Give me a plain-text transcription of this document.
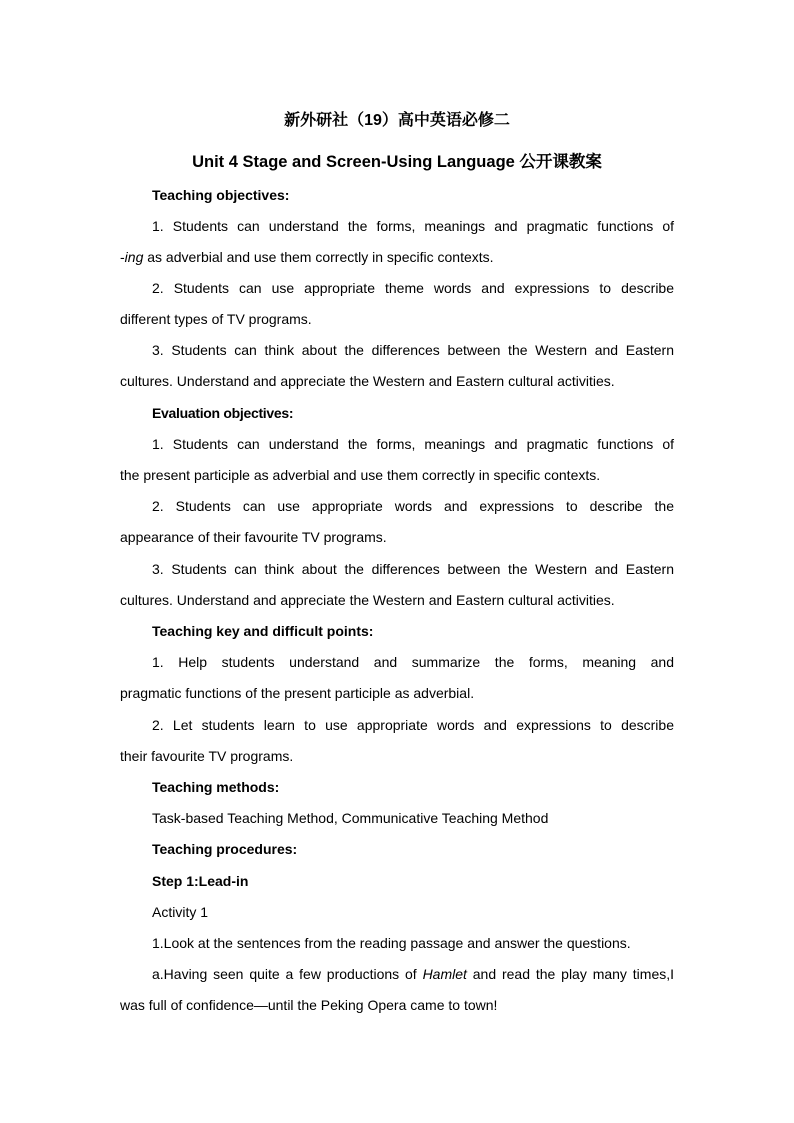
新外研社（19）高中英语必修二
Unit 4 Stage and Screen-Using Language 公开课教案
Teaching objectives:
1. Students can understand the forms, meanings and pragmatic functions of
-ing as adverbial and use them correctly in specific contexts.
2. Students can use appropriate theme words and expressions to describe
different types of TV programs.
3. Students can think about the differences between the Western and Eastern
cultures. Understand and appreciate the Western and Eastern cultural activities.
Evaluation objectives:
1. Students can understand the forms, meanings and pragmatic functions of
the present participle as adverbial and use them correctly in specific contexts.
2. Students can use appropriate words and expressions to describe the
appearance of their favourite TV programs.
3. Students can think about the differences between the Western and Eastern
cultures. Understand and appreciate the Western and Eastern cultural activities.
Teaching key and difficult points:
1. Help students understand and summarize the forms, meaning and
pragmatic functions of the present participle as adverbial.
2. Let students learn to use appropriate words and expressions to describe
their favourite TV programs.
Teaching methods:
Task-based Teaching Method, Communicative Teaching Method
Teaching procedures:
Step 1:Lead-in
Activity 1
1.Look at the sentences from the reading passage and answer the questions.
a.Having seen quite a few productions of Hamlet and read the play many times,I
was full of confidence—until the Peking Opera came to town!
